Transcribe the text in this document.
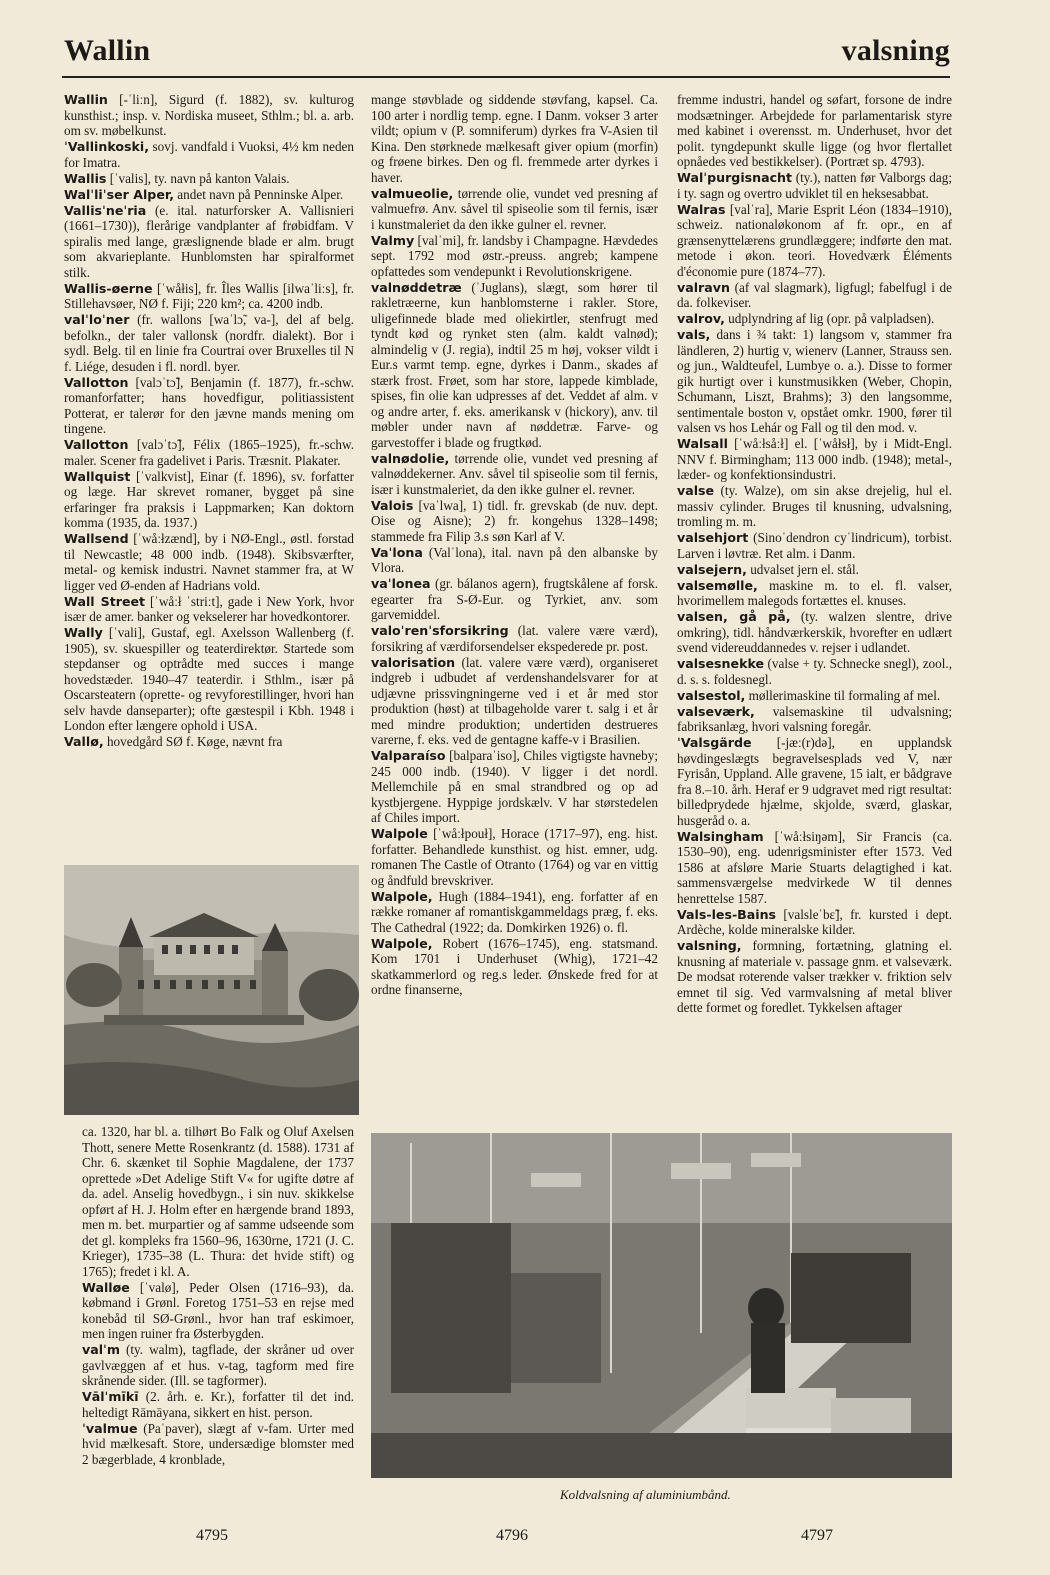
Wallin	valsning
Wallin [-ˈliːn], Sigurd (f. 1882), sv. kulturog kunsthist.; insp. v. Nordiska museet, Sthlm.; bl. a. arb. om sv. møbelkunst.
ˈVallinkoski, sovj. vandfald i Vuoksi, 4½ km neden for Imatra.
Wallis [ˈvalis], ty. navn på kanton Valais.
Walˈliˈser Alper, andet navn på Penninske Alper.
Vallisˈneˈria (e. ital. naturforsker A. Vallisnieri (1661–1730)), flerårige vandplanter af frøbidfam. V spiralis med lange, græslignende blade er alm. brugt som akvarieplante. Hunblomsten har spiralformet stilk.
Wallis-øerne [ˈwåłis], fr. Îles Wallis [ilwaˈliːs], fr. Stillehavsøer, NØ f. Fiji; 220 km²; ca. 4200 indb.
valˈloˈner (fr. wallons [waˈlɔ̃, va-], del af belg. befolkn., der taler vallonsk (nordfr. dialekt). Bor i sydl. Belg. til en linie fra Courtrai over Bruxelles til N f. Liége, desuden i fl. nordl. byer.
Vallotton [valɔˈtɔ̃], Benjamin (f. 1877), fr.-schw. romanforfatter; hans hovedfigur, politiassistent Potterat, er talerør for den jævne mands mening om tingene.
Vallotton [valɔˈtɔ̃], Félix (1865–1925), fr.-schw. maler. Scener fra gadelivet i Paris. Træsnit. Plakater.
Wallquist [ˈvalkvist], Einar (f. 1896), sv. forfatter og læge. Har skrevet romaner, bygget på sine erfaringer fra praksis i Lappmarken; Kan doktorn komma (1935, da. 1937.)
Wallsend [ˈwåːłzænd], by i NØ-Engl., østl. forstad til Newcastle; 48 000 indb. (1948). Skibsværfter, metal- og kemisk industri. Navnet stammer fra, at W ligger ved Ø-enden af Hadrians vold.
Wall Street [ˈwåːł ˈstriːt], gade i New York, hvor især de amer. banker og vekselerer har hovedkontorer.
Wally [ˈvali], Gustaf, egl. Axelsson Wallenberg (f. 1905), sv. skuespiller og teaterdirektør. Startede som stepdanser og optrådte med succes i mange hovedstæder. 1940–47 teaterdir. i Sthlm., især på Oscarsteatern (oprette- og revyforestillinger, hvori han selv havde danseparter); ofte gæstespil i Kbh. 1948 i London efter længere ophold i USA.
Vallø, hovedgård SØ f. Køge, nævnt fra
ca. 1320, har bl. a. tilhørt Bo Falk og Oluf Axelsen Thott, senere Mette Rosenkrantz (d. 1588). 1731 af Chr. 6. skænket til Sophie Magdalene, der 1737 oprettede »Det Adelige Stift V« for ugifte døtre af da. adel. Anselig hovedbygn., i sin nuv. skikkelse opført af H. J. Holm efter en hærgende brand 1893, men m. bet. murpartier og af samme udseende som det gl. kompleks fra 1560–96, 1630rne, 1721 (J. C. Krieger), 1735–38 (L. Thura: det hvide stift) og 1765); fredet i kl. A.
Walløe [ˈvalø], Peder Olsen (1716–93), da. købmand i Grønl. Foretog 1751–53 en rejse med konebåd til SØ-Grønl., hvor han traf eskimoer, men ingen ruiner fra Østerbygden.
valˈm (ty. walm), tagflade, der skråner ud over gavlvæggen af et hus. v-tag, tagform med fire skrånende sider. (Ill. se tagformer).
Vālˈmīkī (2. årh. e. Kr.), forfatter til det ind. heltedigt Rāmāyana, sikkert en hist. person.
ˈvalmue (Paˈpaver), slægt af v-fam. Urter med hvid mælkesaft. Store, undersædige blomster med 2 bægerblade, 4 kronblade,
mange støvblade og siddende støvfang, kapsel. Ca. 100 arter i nordlig temp. egne. I Danm. vokser 3 arter vildt; opium v (P. somniferum) dyrkes fra V-Asien til Kina. Den størknede mælkesaft giver opium (morfin) og frøene birkes. Den og fl. fremmede arter dyrkes i haver.
valmueolie, tørrende olie, vundet ved presning af valmuefrø. Anv. såvel til spiseolie som til fernis, især i kunstmaleriet da den ikke gulner el. revner.
Valmy [valˈmi], fr. landsby i Champagne. Hævdedes sept. 1792 mod østr.-preuss. angreb; kampene opfattedes som vendepunkt i Revolutionskrigene.
valnøddetræ (ˈJuglans), slægt, som hører til rakletræerne, kun hanblomsterne i rakler. Store, uligefinnede blade med oliekirtler, stenfrugt med tyndt kød og rynket sten (alm. kaldt valnød); almindelig v (J. regia), indtil 25 m høj, vokser vildt i Eur.s varmt temp. egne, dyrkes i Danm., skades af stærk frost. Frøet, som har store, lappede kimblade, spises, fin olie kan udpresses af det. Veddet af alm. v og andre arter, f. eks. amerikansk v (hickory), anv. til møbler under navn af nøddetræ. Farve- og garvestoffer i blade og frugtkød.
valnødolie, tørrende olie, vundet ved presning af valnøddekerner. Anv. såvel til spiseolie som til fernis, især i kunstmaleriet, da den ikke gulner el. revner.
Valois [vaˈlwa], 1) tidl. fr. grevskab (de nuv. dept. Oise og Aisne); 2) fr. kongehus 1328–1498; stammede fra Filip 3.s søn Karl af V.
Vaˈlona (Valˈlona), ital. navn på den albanske by Vlora.
vaˈlonea (gr. bálanos agern), frugtskålene af forsk. egearter fra S-Ø-Eur. og Tyrkiet, anv. som garvemiddel.
valoˈrenˈsforsikring (lat. valere være værd), forsikring af værdiforsendelser ekspederede pr. post.
valorisation (lat. valere være værd), organiseret indgreb i udbudet af verdenshandelsvarer for at udjævne prissvingningerne ved i et år med stor produktion (høst) at tilbageholde varer t. salg i et år med mindre produktion; undertiden destrueres varerne, f. eks. ved de gentagne kaffe-v i Brasilien.
Valparaíso [balparaˈiso], Chiles vigtigste havneby; 245 000 indb. (1940). V ligger i det nordl. Mellemchile på en smal strandbred og op ad kystbjergene. Hyppige jordskælv. V har størstedelen af Chiles import.
Walpole [ˈwåːłpouł], Horace (1717–97), eng. hist. forfatter. Behandlede kunsthist. og hist. emner, udg. romanen The Castle of Otranto (1764) og var en vittig og åndfuld brevskriver.
Walpole, Hugh (1884–1941), eng. forfatter af en række romaner af romantiskgammeldags præg, f. eks. The Cathedral (1922; da. Domkirken 1926) o. fl.
Walpole, Robert (1676–1745), eng. statsmand. Kom 1701 i Underhuset (Whig), 1721–42 skatkammerlord og reg.s leder. Ønskede fred for at ordne finanserne,
fremme industri, handel og søfart, forsone de indre modsætninger. Arbejdede for parlamentarisk styre med kabinet i overensst. m. Underhuset, hvor det polit. tyngdepunkt skulle ligge (og hvor flertallet opnåedes ved bestikkelser). (Portræt sp. 4793).
Walˈpurgisnacht (ty.), natten før Valborgs dag; i ty. sagn og overtro udviklet til en heksesabbat.
Walras [valˈra], Marie Esprit Léon (1834–1910), schweiz. nationaløkonom af fr. opr., en af grænsenyttelærens grundlæggere; indførte den mat. metode i økon. teori. Hovedværk Éléments d'économie pure (1874–77).
valravn (af val slagmark), ligfugl; fabelfugl i de da. folkeviser.
valrov, udplyndring af lig (opr. på valpladsen).
vals, dans i ¾ takt: 1) langsom v, stammer fra ländleren, 2) hurtig v, wienerv (Lanner, Strauss sen. og jun., Waldteufel, Lumbye o. a.). Disse to former gik hurtigt over i kunstmusikken (Weber, Chopin, Schumann, Liszt, Brahms); 3) den langsomme, sentimentale boston v, opstået omkr. 1900, fører til valsen vs hos Lehár og Fall og til den mod. v.
Walsall [ˈwåːłsåːł] el. [ˈwåłsł], by i Midt-Engl. NNV f. Birmingham; 113 000 indb. (1948); metal-, læder- og konfektionsindustri.
valse (ty. Walze), om sin akse drejelig, hul el. massiv cylinder. Bruges til knusning, udvalsning, tromling m. m.
valsehjort (Sinoˈdendron cyˈlindricum), torbist. Larven i løvtræ. Ret alm. i Danm.
valsejern, udvalset jern el. stål.
valsemølle, maskine m. to el. fl. valser, hvorimellem malegods fortættes el. knuses.
valsen, gå på, (ty. walzen slentre, drive omkring), tidl. håndværkerskik, hvorefter en udlært svend videreuddannedes v. rejser i udlandet.
valsesnekke (valse + ty. Schnecke snegl), zool., d. s. s. foldesnegl.
valsestol, møllerimaskine til formaling af mel.
valseværk, valsemaskine til udvalsning; fabriksanlæg, hvori valsning foregår.
ˈValsgärde [-jæː(r)də], en upplandsk høvdingeslægts begravelsesplads ved V, nær Fyrisån, Uppland. Alle gravene, 15 ialt, er bådgrave fra 8.–10. årh. Heraf er 9 udgravet med rigt resultat: billedprydede hjælme, skjolde, sværd, glaskar, husgeråd o. a.
Walsingham [ˈwåːłsiŋəm], Sir Francis (ca. 1530–90), eng. udenrigsminister efter 1573. Ved 1586 at afsløre Marie Stuarts delagtighed i kat. sammensværgelse medvirkede W til dennes henrettelse 1587.
Vals-les-Bains [valsleˈbɛ̃], fr. kursted i dept. Ardèche, kolde mineralske kilder.
valsning, formning, fortætning, glatning el. knusning af materiale v. passage gnm. et valseværk. De modsat roterende valser trækker v. friktion selv emnet til sig. Ved varmvalsning af metal bliver dette formet og foredlet. Tykkelsen aftager
Koldvalsning af aluminiumbånd.
4795	4796	4797
